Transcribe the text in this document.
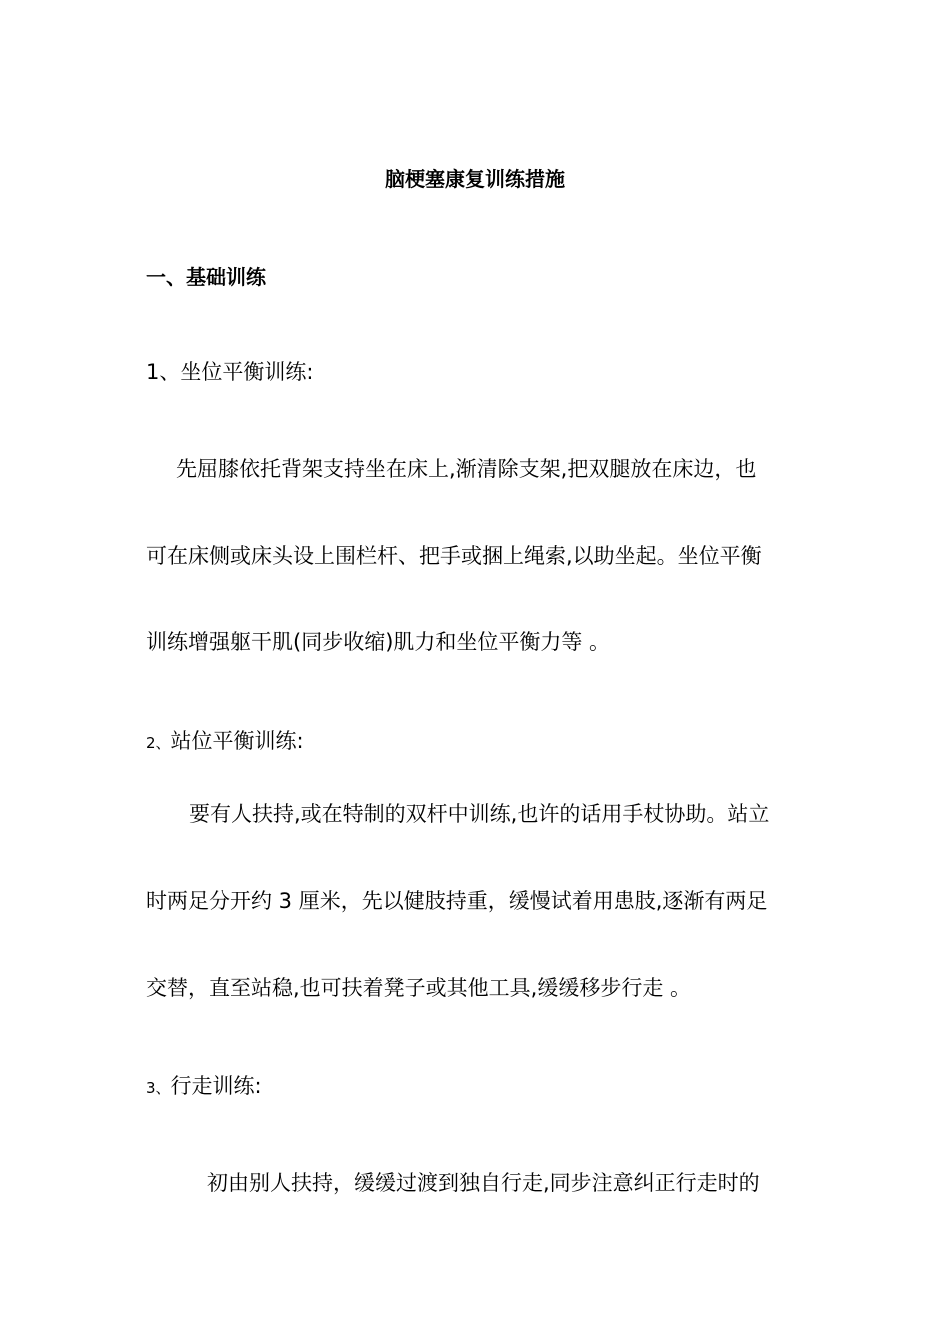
脑梗塞康复训练措施
一、基础训练
1、坐位平衡训练:
先屈膝依托背架支持坐在床上,渐清除支架,把双腿放在床边，也
可在床侧或床头设上围栏杆、把手或捆上绳索,以助坐起。坐位平衡
训练增强躯干肌(同步收缩)肌力和坐位平衡力等 。
2、站位平衡训练:
要有人扶持,或在特制的双杆中训练,也许的话用手杖协助。站立
时两足分开约 3 厘米，先以健肢持重，缓慢试着用患肢,逐渐有两足
交替，直至站稳,也可扶着凳子或其他工具,缓缓移步行走 。
3、行走训练:
初由别人扶持，缓缓过渡到独自行走,同步注意纠正行走时的
